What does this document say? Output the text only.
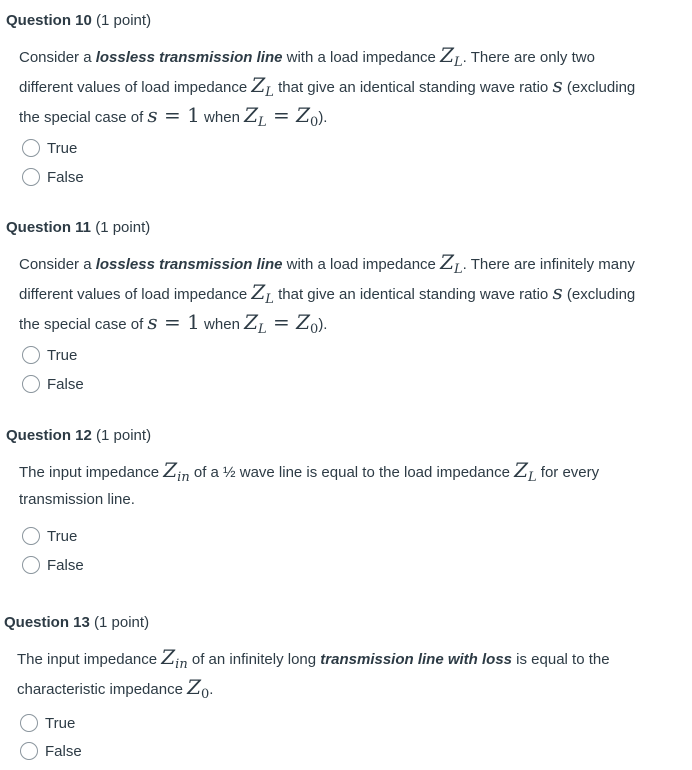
Question 10 (1 point)
Consider a lossless transmission line with a load impedance $Z_L$. There are only two different values of load impedance $Z_L$ that give an identical standing wave ratio s (excluding the special case of s = 1 when $Z_L = Z_0$).
True
False
Question 11 (1 point)
Consider a lossless transmission line with a load impedance $Z_L$. There are infinitely many different values of load impedance $Z_L$ that give an identical standing wave ratio s (excluding the special case of s = 1 when $Z_L = Z_0$).
True
False
Question 12 (1 point)
The input impedance $Z_{in}$ of a ½ wave line is equal to the load impedance $Z_L$ for every transmission line.
True
False
Question 13 (1 point)
The input impedance $Z_{in}$ of an infinitely long transmission line with loss is equal to the characteristic impedance $Z_0$.
True
False
